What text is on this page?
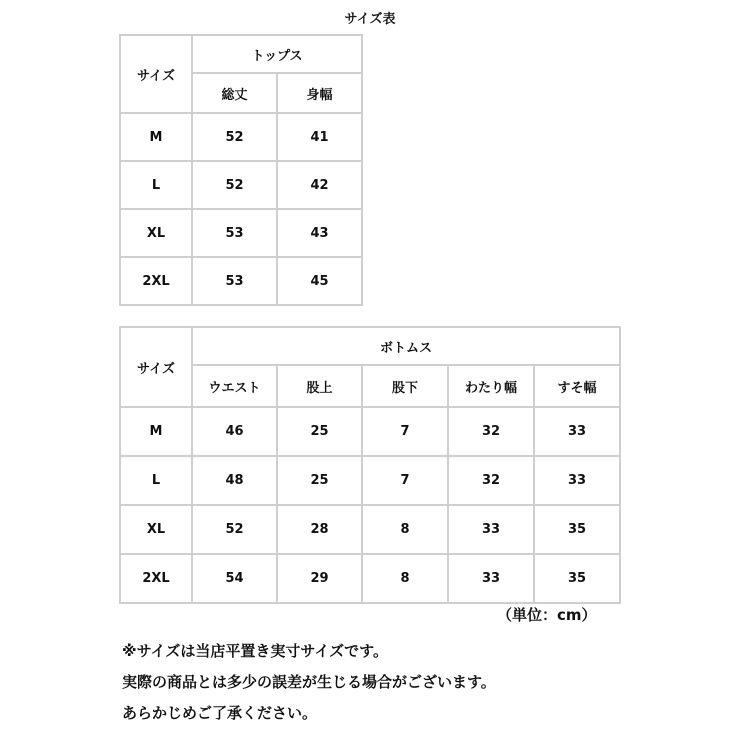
サイズ表
サイズ	トップス	
	総丈	身幅
M	52	41
L	52	42
XL	53	43
2XL	53	45
サイズ	ボトムス				
	ウエスト	股上	股下	わたり幅	すそ幅
M	46	25	7	32	33
L	48	25	7	32	33
XL	52	28	8	33	35
2XL	54	29	8	33	35
（単位：cm）

※サイズは当店平置き実寸サイズです。

実際の商品とは多少の誤差が生じる場合がございます。

あらかじめご了承ください。
